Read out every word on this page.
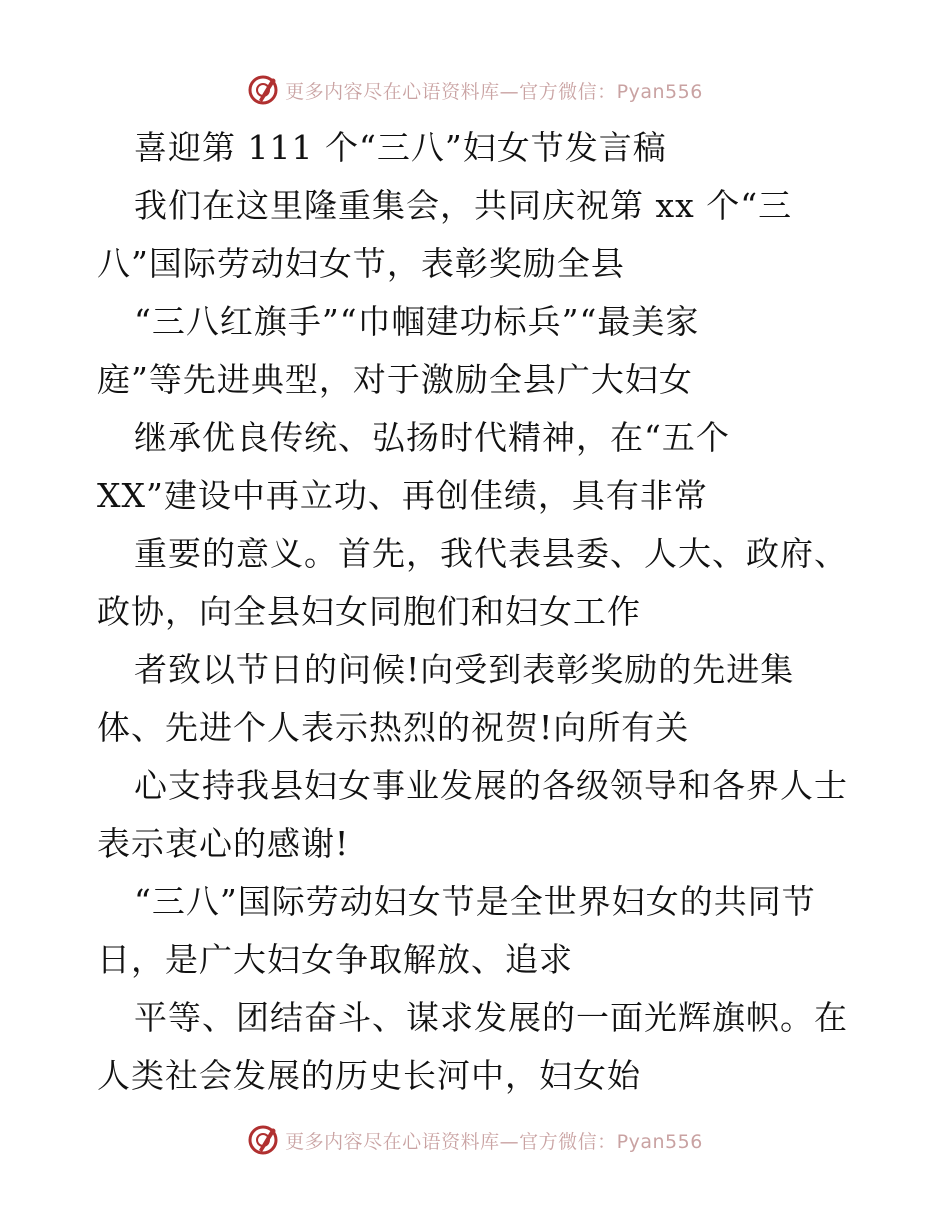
更多内容尽在心语资料库—官方微信：Pyan556
喜迎第 111 个“三八”妇女节发言稿
我们在这里隆重集会，共同庆祝第 xx 个“三
八”国际劳动妇女节，表彰奖励全县
“三八红旗手”“巾帼建功标兵”“最美家
庭”等先进典型，对于激励全县广大妇女
继承优良传统、弘扬时代精神，在“五个
XX”建设中再立功、再创佳绩，具有非常
重要的意义。首先，我代表县委、人大、政府、
政协，向全县妇女同胞们和妇女工作
者致以节日的问候!向受到表彰奖励的先进集
体、先进个人表示热烈的祝贺!向所有关
心支持我县妇女事业发展的各级领导和各界人士
表示衷心的感谢!
“三八”国际劳动妇女节是全世界妇女的共同节
日，是广大妇女争取解放、追求
平等、团结奋斗、谋求发展的一面光辉旗帜。在
人类社会发展的历史长河中，妇女始
更多内容尽在心语资料库—官方微信：Pyan556
